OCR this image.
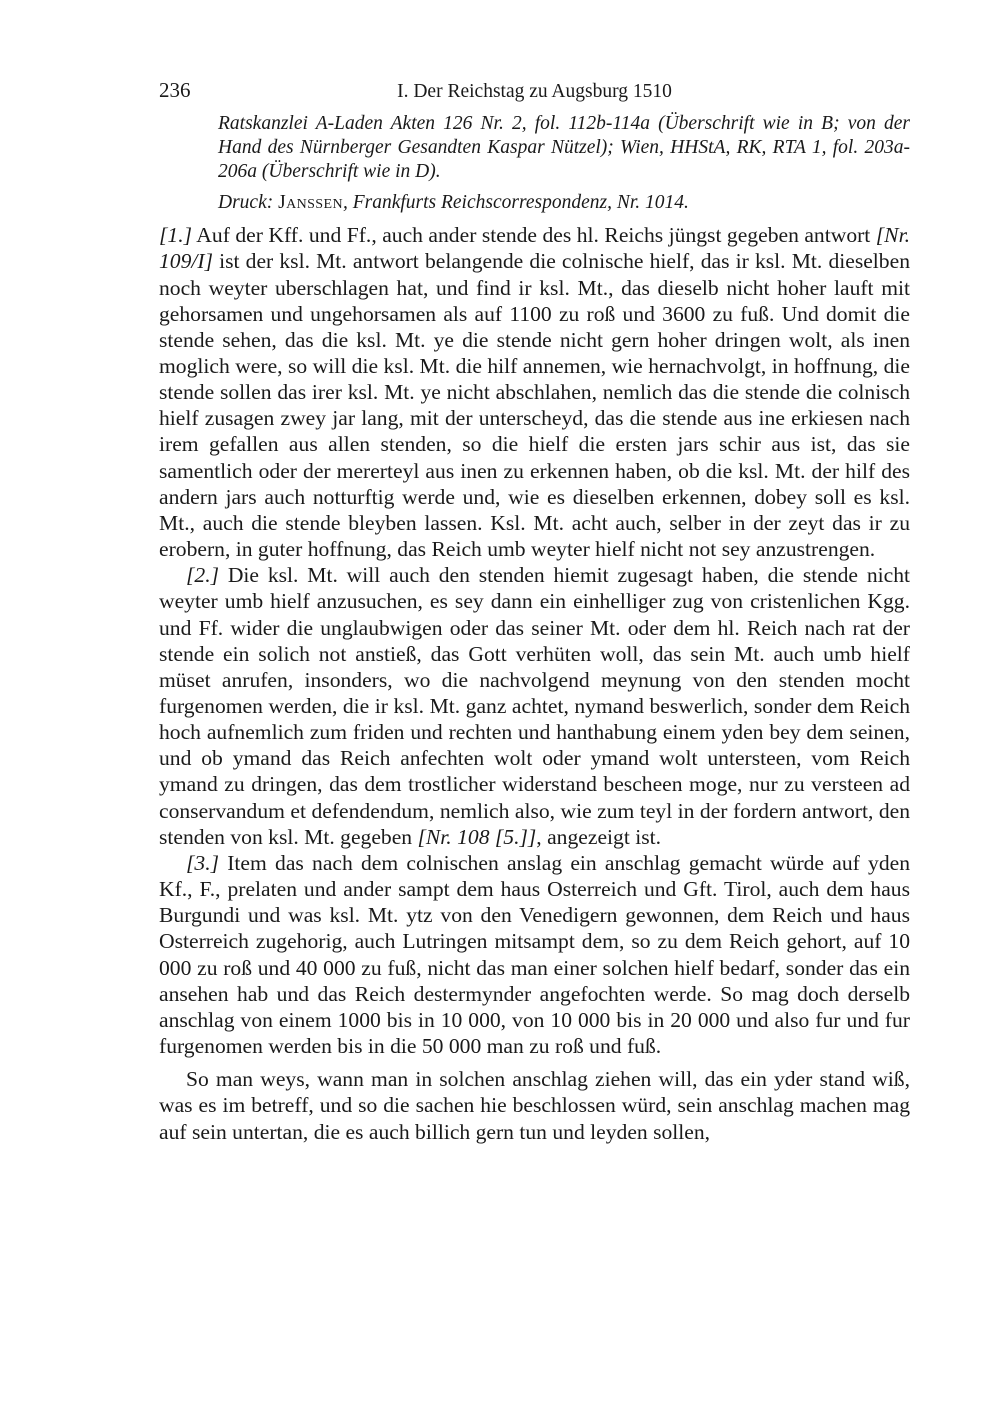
236	I. Der Reichstag zu Augsburg 1510

Ratskanzlei A-Laden Akten 126 Nr. 2, fol. 112b-114a (Überschrift wie in B; von der Hand des Nürnberger Gesandten Kaspar Nützel); Wien, HHStA, RK, RTA 1, fol. 203a-206a (Überschrift wie in D).

Druck: Janssen, Frankfurts Reichscorrespondenz, Nr. 1014.

[1.] Auf der Kff. und Ff., auch ander stende des hl. Reichs jüngst gegeben antwort [Nr. 109/I] ist der ksl. Mt. antwort belangende die colnische hielf, das ir ksl. Mt. dieselben noch weyter uberschlagen hat, und find ir ksl. Mt., das dieselb nicht hoher lauft mit gehorsamen und ungehorsamen als auf 1100 zu roß und 3600 zu fuß. Und domit die stende sehen, das die ksl. Mt. ye die stende nicht gern hoher dringen wolt, als inen moglich were, so will die ksl. Mt. die hilf annemen, wie hernachvolgt, in hoffnung, die stende sollen das irer ksl. Mt. ye nicht abschlahen, nemlich das die stende die colnisch hielf zusagen zwey jar lang, mit der unterscheyd, das die stende aus ine erkiesen nach irem gefallen aus allen stenden, so die hielf die ersten jars schir aus ist, das sie samentlich oder der mererteyl aus inen zu erkennen haben, ob die ksl. Mt. der hilf des andern jars auch notturftig werde und, wie es dieselben erkennen, dobey soll es ksl. Mt., auch die stende bleyben lassen. Ksl. Mt. acht auch, selber in der zeyt das ir zu erobern, in guter hoffnung, das Reich umb weyter hielf nicht not sey anzustrengen.

[2.] Die ksl. Mt. will auch den stenden hiemit zugesagt haben, die stende nicht weyter umb hielf anzusuchen, es sey dann ein einhelliger zug von cristenlichen Kgg. und Ff. wider die unglaubwigen oder das seiner Mt. oder dem hl. Reich nach rat der stende ein solich not anstieß, das Gott verhüten woll, das sein Mt. auch umb hielf müset anrufen, insonders, wo die nachvolgend meynung von den stenden mocht furgenomen werden, die ir ksl. Mt. ganz achtet, nymand beswerlich, sonder dem Reich hoch aufnemlich zum friden und rechten und hanthabung einem yden bey dem seinen, und ob ymand das Reich anfechten wolt oder ymand wolt untersteen, vom Reich ymand zu dringen, das dem trostlicher widerstand bescheen moge, nur zu versteen ad conservandum et defendendum, nemlich also, wie zum teyl in der fordern antwort, den stenden von ksl. Mt. gegeben [Nr. 108 [5.]], angezeigt ist.

[3.] Item das nach dem colnischen anslag ein anschlag gemacht würde auf yden Kf., F., prelaten und ander sampt dem haus Osterreich und Gft. Tirol, auch dem haus Burgundi und was ksl. Mt. ytz von den Venedigern gewonnen, dem Reich und haus Osterreich zugehorig, auch Lutringen mitsampt dem, so zu dem Reich gehort, auf 10 000 zu roß und 40 000 zu fuß, nicht das man einer solchen hielf bedarf, sonder das ein ansehen hab und das Reich destermynder angefochten werde. So mag doch derselb anschlag von einem 1000 bis in 10 000, von 10 000 bis in 20 000 und also fur und fur furgenomen werden bis in die 50 000 man zu roß und fuß.

So man weys, wann man in solchen anschlag ziehen will, das ein yder stand wiß, was es im betreff, und so die sachen hie beschlossen würd, sein anschlag machen mag auf sein untertan, die es auch billich gern tun und leyden sollen,
